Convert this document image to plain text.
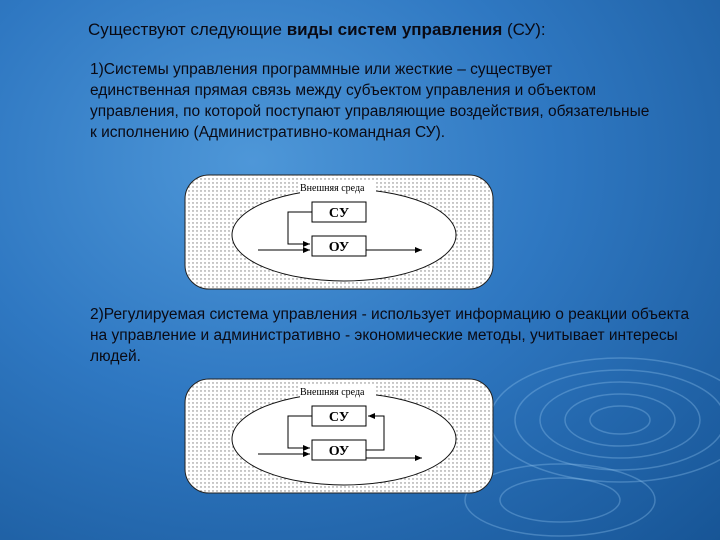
Существуют следующие виды систем управления (СУ):

1)Системы управления программные или жесткие – существует единственная прямая связь между субъектом управления и объектом управления, по которой поступают управляющие воздействия, обязательные к исполнению (Административно-командная СУ).

Внешняя среда
СУ
ОУ

2)Регулируемая система управления - использует информацию о реакции объекта на управление и административно - экономические методы, учитывает интересы людей.

Внешняя среда
СУ
ОУ
